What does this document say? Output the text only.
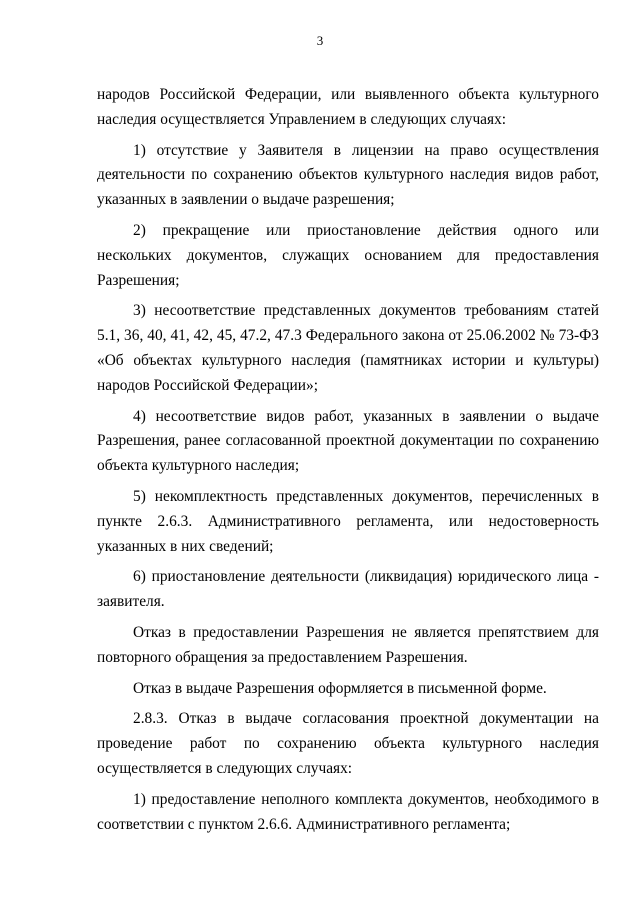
3

народов Российской Федерации, или выявленного объекта культурного наследия осуществляется Управлением в следующих случаях:

1) отсутствие у Заявителя в лицензии на право осуществления деятельности по сохранению объектов культурного наследия видов работ, указанных в заявлении о выдаче разрешения;

2) прекращение или приостановление действия одного или нескольких документов, служащих основанием для предоставления Разрешения;

3) несоответствие представленных документов требованиям статей 5.1, 36, 40, 41, 42, 45, 47.2, 47.3 Федерального закона от 25.06.2002 № 73-ФЗ «Об объектах культурного наследия (памятниках истории и культуры) народов Российской Федерации»;

4) несоответствие видов работ, указанных в заявлении о выдаче Разрешения, ранее согласованной проектной документации по сохранению объекта культурного наследия;

5) некомплектность представленных документов, перечисленных в пункте 2.6.3. Административного регламента, или недостоверность указанных в них сведений;

6) приостановление деятельности (ликвидация) юридического лица - заявителя.

Отказ в предоставлении Разрешения не является препятствием для повторного обращения за предоставлением Разрешения.

Отказ в выдаче Разрешения оформляется в письменной форме.

2.8.3. Отказ в выдаче согласования проектной документации на проведение работ по сохранению объекта культурного наследия осуществляется в следующих случаях:

1) предоставление неполного комплекта документов, необходимого в соответствии с пунктом 2.6.6. Административного регламента;
